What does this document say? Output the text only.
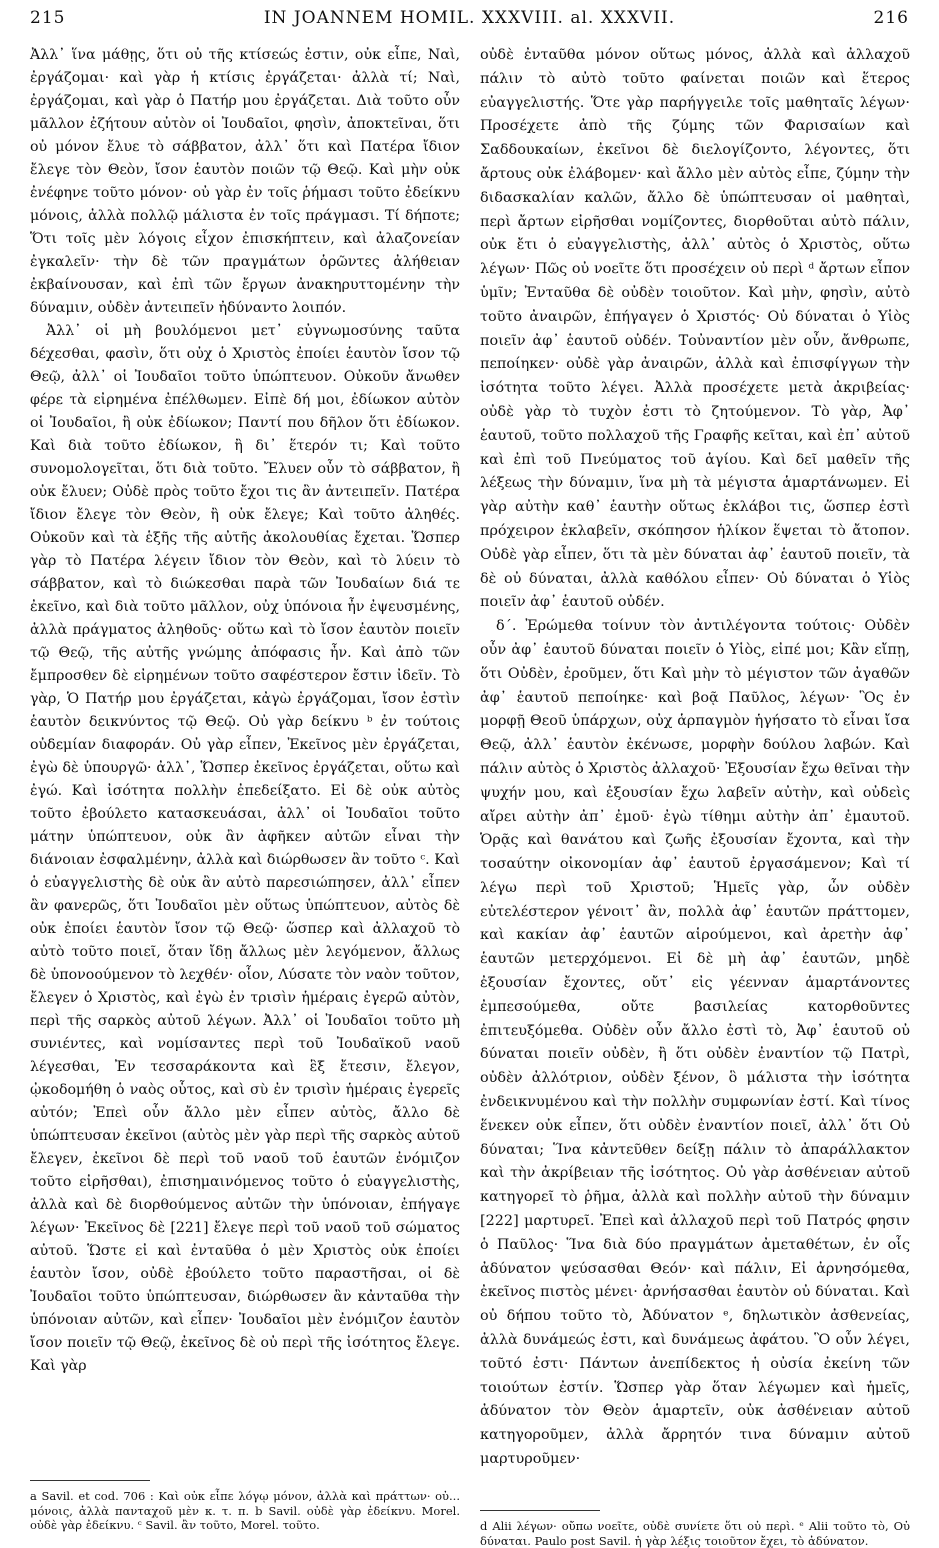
215	IN JOANNEM HOMIL. XXXVIII. al. XXXVII.	216

Ἀλλ᾽ ἵνα μάθῃς, ὅτι οὐ τῆς κτίσεώς ἐστιν, οὐκ εἶπε, Ναὶ, ἐργάζομαι· καὶ γὰρ ἡ κτίσις ἐργάζεται· ἀλλὰ τί; Ναὶ, ἐργάζομαι, καὶ γὰρ ὁ Πατήρ μου ἐργάζεται. Διὰ τοῦτο οὖν μᾶλλον ἐζήτουν αὐτὸν οἱ Ἰουδαῖοι, φησὶν, ἀποκτεῖναι, ὅτι οὐ μόνον ἔλυε τὸ σάββατον, ἀλλ᾽ ὅτι καὶ Πατέρα ἴδιον ἔλεγε τὸν Θεὸν, ἴσον ἑαυτὸν ποιῶν τῷ Θεῷ. Καὶ μὴν οὐκ ἐνέφηνε τοῦτο μόνον· οὐ γὰρ ἐν τοῖς ῥήμασι τοῦτο ἐδείκνυ μόνοις, ἀλλὰ πολλῷ μάλιστα ἐν τοῖς πράγμασι. Τί δήποτε; Ὅτι τοῖς μὲν λόγοις εἶχον ἐπισκήπτειν, καὶ ἀλαζονείαν ἐγκαλεῖν· τὴν δὲ τῶν πραγμάτων ὁρῶντες ἀλήθειαν ἐκβαίνουσαν, καὶ ἐπὶ τῶν ἔργων ἀνακηρυττομένην τὴν δύναμιν, οὐδὲν ἀντειπεῖν ἠδύναντο λοιπόν.

Ἀλλ᾽ οἱ μὴ βουλόμενοι μετ᾽ εὐγνωμοσύνης ταῦτα δέχεσθαι, φασὶν, ὅτι οὐχ ὁ Χριστὸς ἐποίει ἑαυτὸν ἴσον τῷ Θεῷ, ἀλλ᾽ οἱ Ἰουδαῖοι τοῦτο ὑπώπτευον. Οὐκοῦν ἄνωθεν φέρε τὰ εἰρημένα ἐπέλθωμεν. Εἰπὲ δή μοι, ἐδίωκον αὐτὸν οἱ Ἰουδαῖοι, ἢ οὐκ ἐδίωκον; Παντί που δῆλον ὅτι ἐδίωκον. Καὶ διὰ τοῦτο ἐδίωκον, ἢ δι᾽ ἕτερόν τι; Καὶ τοῦτο συνομολογεῖται, ὅτι διὰ τοῦτο. Ἔλυεν οὖν τὸ σάββατον, ἢ οὐκ ἔλυεν; Οὐδὲ πρὸς τοῦτο ἔχοι τις ἂν ἀντειπεῖν. Πατέρα ἴδιον ἔλεγε τὸν Θεὸν, ἢ οὐκ ἔλεγε; Καὶ τοῦτο ἀληθές. Οὐκοῦν καὶ τὰ ἑξῆς τῆς αὐτῆς ἀκολουθίας ἔχεται. Ὥσπερ γὰρ τὸ Πατέρα λέγειν ἴδιον τὸν Θεὸν, καὶ τὸ λύειν τὸ σάββατον, καὶ τὸ διώκεσθαι παρὰ τῶν Ἰουδαίων διά τε ἐκεῖνο, καὶ διὰ τοῦτο μᾶλλον, οὐχ ὑπόνοια ἦν ἐψευσμένης, ἀλλὰ πράγματος ἀληθοῦς· οὕτω καὶ τὸ ἴσον ἑαυτὸν ποιεῖν τῷ Θεῷ, τῆς αὐτῆς γνώμης ἀπόφασις ἦν. Καὶ ἀπὸ τῶν ἔμπροσθεν δὲ εἰρημένων τοῦτο σαφέστερον ἔστιν ἰδεῖν. Τὸ γὰρ, Ὁ Πατήρ μου ἐργάζεται, κἀγὼ ἐργάζομαι, ἴσον ἐστὶν ἑαυτὸν δεικνύντος τῷ Θεῷ. Οὐ γὰρ δείκνυ ᵇ ἐν τούτοις οὐδεμίαν διαφοράν. Οὐ γὰρ εἶπεν, Ἐκεῖνος μὲν ἐργάζεται, ἐγὼ δὲ ὑπουργῶ· ἀλλ᾽, Ὥσπερ ἐκεῖνος ἐργάζεται, οὕτω καὶ ἐγώ. Καὶ ἰσότητα πολλὴν ἐπεδείξατο. Εἰ δὲ οὐκ αὐτὸς τοῦτο ἐβούλετο κατασκευάσαι, ἀλλ᾽ οἱ Ἰουδαῖοι τοῦτο μάτην ὑπώπτευον, οὐκ ἂν ἀφῆκεν αὐτῶν εἶναι τὴν διάνοιαν ἐσφαλμένην, ἀλλὰ καὶ διώρθωσεν ἂν τοῦτο ᶜ. Καὶ ὁ εὐαγγελιστὴς δὲ οὐκ ἂν αὐτὸ παρεσιώπησεν, ἀλλ᾽ εἶπεν ἂν φανερῶς, ὅτι Ἰουδαῖοι μὲν οὕτως ὑπώπτευον, αὐτὸς δὲ οὐκ ἐποίει ἑαυτὸν ἴσον τῷ Θεῷ· ὥσπερ καὶ ἀλλαχοῦ τὸ αὐτὸ τοῦτο ποιεῖ, ὅταν ἴδῃ ἄλλως μὲν λεγόμενον, ἄλλως δὲ ὑπονοούμενον τὸ λεχθέν· οἷον, Λύσατε τὸν ναὸν τοῦτον, ἔλεγεν ὁ Χριστὸς, καὶ ἐγὼ ἐν τρισὶν ἡμέραις ἐγερῶ αὐτὸν, περὶ τῆς σαρκὸς αὐτοῦ λέγων. Ἀλλ᾽ οἱ Ἰουδαῖοι τοῦτο μὴ συνιέντες, καὶ νομίσαντες περὶ τοῦ Ἰουδαϊκοῦ ναοῦ λέγεσθαι, Ἐν τεσσαράκοντα καὶ ἓξ ἔτεσιν, ἔλεγον, ᾠκοδομήθη ὁ ναὸς οὗτος, καὶ σὺ ἐν τρισὶν ἡμέραις ἐγερεῖς αὐτόν; Ἐπεὶ οὖν ἄλλο μὲν εἶπεν αὐτὸς, ἄλλο δὲ ὑπώπτευσαν ἐκεῖνοι (αὐτὸς μὲν γὰρ περὶ τῆς σαρκὸς αὐτοῦ ἔλεγεν, ἐκεῖνοι δὲ περὶ τοῦ ναοῦ τοῦ ἑαυτῶν ἐνόμιζον τοῦτο εἰρῆσθαι), ἐπισημαινόμενος τοῦτο ὁ εὐαγγελιστὴς, ἀλλὰ καὶ δὲ διορθούμενος αὐτῶν τὴν ὑπόνοιαν, ἐπήγαγε λέγων· Ἐκεῖνος δὲ [221] ἔλεγε περὶ τοῦ ναοῦ τοῦ σώματος αὐτοῦ. Ὥστε εἰ καὶ ἐνταῦθα ὁ μὲν Χριστὸς οὐκ ἐποίει ἑαυτὸν ἴσον, οὐδὲ ἐβούλετο τοῦτο παραστῆσαι, οἱ δὲ Ἰουδαῖοι τοῦτο ὑπώπτευσαν, διώρθωσεν ἂν κἀνταῦθα τὴν ὑπόνοιαν αὐτῶν, καὶ εἶπεν· Ἰουδαῖοι μὲν ἐνόμιζον ἑαυτὸν ἴσον ποιεῖν τῷ Θεῷ, ἐκεῖνος δὲ οὐ περὶ τῆς ἰσότητος ἔλεγε. Καὶ γὰρ

a Savil. et cod. 706 : Καὶ οὐκ εἶπε λόγῳ μόνον, ἀλλὰ καὶ πράττων· οὐ... μόνοις, ἀλλὰ πανταχοῦ μὲν κ. τ. π. b Savil. οὐδὲ γὰρ ἐδείκνυ. Morel. οὐδὲ γὰρ ἐδείκνυ. ᶜ Savil. ἂν τοῦτο, Morel. τοῦτο.

οὐδὲ ἐνταῦθα μόνον οὕτως μόνος, ἀλλὰ καὶ ἀλλαχοῦ πάλιν τὸ αὐτὸ τοῦτο φαίνεται ποιῶν καὶ ἕτερος εὐαγγελιστής. Ὅτε γὰρ παρήγγειλε τοῖς μαθηταῖς λέγων· Προσέχετε ἀπὸ τῆς ζύμης τῶν Φαρισαίων καὶ Σαδδουκαίων, ἐκεῖνοι δὲ διελογίζοντο, λέγοντες, ὅτι ἄρτους οὐκ ἐλάβομεν· καὶ ἄλλο μὲν αὐτὸς εἶπε, ζύμην τὴν διδασκαλίαν καλῶν, ἄλλο δὲ ὑπώπτευσαν οἱ μαθηταὶ, περὶ ἄρτων εἰρῆσθαι νομίζοντες, διορθοῦται αὐτὸ πάλιν, οὐκ ἔτι ὁ εὐαγγελιστὴς, ἀλλ᾽ αὐτὸς ὁ Χριστὸς, οὕτω λέγων· Πῶς οὐ νοεῖτε ὅτι προσέχειν οὐ περὶ ᵈ ἄρτων εἶπον ὑμῖν; Ἐνταῦθα δὲ οὐδὲν τοιοῦτον. Καὶ μὴν, φησὶν, αὐτὸ τοῦτο ἀναιρῶν, ἐπήγαγεν ὁ Χριστός· Οὐ δύναται ὁ Υἱὸς ποιεῖν ἀφ᾽ ἑαυτοῦ οὐδέν. Τοὐναντίον μὲν οὖν, ἄνθρωπε, πεποίηκεν· οὐδὲ γὰρ ἀναιρῶν, ἀλλὰ καὶ ἐπισφίγγων τὴν ἰσότητα τοῦτο λέγει. Ἀλλὰ προσέχετε μετὰ ἀκριβείας· οὐδὲ γὰρ τὸ τυχὸν ἐστι τὸ ζητούμενον. Τὸ γὰρ, Ἀφ᾽ ἑαυτοῦ, τοῦτο πολλαχοῦ τῆς Γραφῆς κεῖται, καὶ ἐπ᾽ αὐτοῦ καὶ ἐπὶ τοῦ Πνεύματος τοῦ ἁγίου. Καὶ δεῖ μαθεῖν τῆς λέξεως τὴν δύναμιν, ἵνα μὴ τὰ μέγιστα ἁμαρτάνωμεν. Εἰ γὰρ αὐτὴν καθ᾽ ἑαυτὴν οὕτως ἐκλάβοι τις, ὥσπερ ἐστὶ πρόχειρον ἐκλαβεῖν, σκόπησον ἡλίκον ἕψεται τὸ ἄτοπον. Οὐδὲ γὰρ εἶπεν, ὅτι τὰ μὲν δύναται ἀφ᾽ ἑαυτοῦ ποιεῖν, τὰ δὲ οὐ δύναται, ἀλλὰ καθόλου εἶπεν· Οὐ δύναται ὁ Υἱὸς ποιεῖν ἀφ᾽ ἑαυτοῦ οὐδέν.

δ´. Ἐρώμεθα τοίνυν τὸν ἀντιλέγοντα τούτοις· Οὐδὲν οὖν ἀφ᾽ ἑαυτοῦ δύναται ποιεῖν ὁ Υἱὸς, εἰπέ μοι; Κἂν εἴπῃ, ὅτι Οὐδὲν, ἐροῦμεν, ὅτι Καὶ μὴν τὸ μέγιστον τῶν ἀγαθῶν ἀφ᾽ ἑαυτοῦ πεποίηκε· καὶ βοᾷ Παῦλος, λέγων· Ὃς ἐν μορφῇ Θεοῦ ὑπάρχων, οὐχ ἁρπαγμὸν ἡγήσατο τὸ εἶναι ἴσα Θεῷ, ἀλλ᾽ ἑαυτὸν ἐκένωσε, μορφὴν δούλου λαβών. Καὶ πάλιν αὐτὸς ὁ Χριστὸς ἀλλαχοῦ· Ἐξουσίαν ἔχω θεῖναι τὴν ψυχήν μου, καὶ ἐξουσίαν ἔχω λαβεῖν αὐτὴν, καὶ οὐδεὶς αἴρει αὐτὴν ἀπ᾽ ἐμοῦ· ἐγὼ τίθημι αὐτὴν ἀπ᾽ ἐμαυτοῦ. Ὁρᾷς καὶ θανάτου καὶ ζωῆς ἐξουσίαν ἔχοντα, καὶ τὴν τοσαύτην οἰκονομίαν ἀφ᾽ ἑαυτοῦ ἐργασάμενον; Καὶ τί λέγω περὶ τοῦ Χριστοῦ; Ἡμεῖς γὰρ, ὧν οὐδὲν εὐτελέστερον γένοιτ᾽ ἂν, πολλὰ ἀφ᾽ ἑαυτῶν πράττομεν, καὶ κακίαν ἀφ᾽ ἑαυτῶν αἱρούμενοι, καὶ ἀρετὴν ἀφ᾽ ἑαυτῶν μετερχόμενοι. Εἰ δὲ μὴ ἀφ᾽ ἑαυτῶν, μηδὲ ἐξουσίαν ἔχοντες, οὔτ᾽ εἰς γέενναν ἁμαρτάνοντες ἐμπεσούμεθα, οὔτε βασιλείας κατορθοῦντες ἐπιτευξόμεθα. Οὐδὲν οὖν ἄλλο ἐστὶ τὸ, Ἀφ᾽ ἑαυτοῦ οὐ δύναται ποιεῖν οὐδὲν, ἢ ὅτι οὐδὲν ἐναντίον τῷ Πατρὶ, οὐδὲν ἀλλότριον, οὐδὲν ξένον, ὃ μάλιστα τὴν ἰσότητα ἐνδεικνυμένου καὶ τὴν πολλὴν συμφωνίαν ἐστί. Καὶ τίνος ἕνεκεν οὐκ εἶπεν, ὅτι οὐδὲν ἐναντίον ποιεῖ, ἀλλ᾽ ὅτι Οὐ δύναται; Ἵνα κἀντεῦθεν δείξῃ πάλιν τὸ ἀπαράλλακτον καὶ τὴν ἀκρίβειαν τῆς ἰσότητος. Οὐ γὰρ ἀσθένειαν αὐτοῦ κατηγορεῖ τὸ ῥῆμα, ἀλλὰ καὶ πολλὴν αὐτοῦ τὴν δύναμιν [222] μαρτυρεῖ. Ἐπεὶ καὶ ἀλλαχοῦ περὶ τοῦ Πατρός φησιν ὁ Παῦλος· Ἵνα διὰ δύο πραγμάτων ἀμεταθέτων, ἐν οἷς ἀδύνατον ψεύσασθαι Θεόν· καὶ πάλιν, Εἰ ἀρνησόμεθα, ἐκεῖνος πιστὸς μένει· ἀρνήσασθαι ἑαυτὸν οὐ δύναται. Καὶ οὐ δήπου τοῦτο τὸ, Ἀδύνατον ᵉ, δηλωτικὸν ἀσθενείας, ἀλλὰ δυνάμεώς ἐστι, καὶ δυνάμεως ἀφάτου. Ὃ οὖν λέγει, τοῦτό ἐστι· Πάντων ἀνεπίδεκτος ἡ οὐσία ἐκείνη τῶν τοιούτων ἐστίν. Ὥσπερ γὰρ ὅταν λέγωμεν καὶ ἡμεῖς, ἀδύνατον τὸν Θεὸν ἁμαρτεῖν, οὐκ ἀσθένειαν αὐτοῦ κατηγοροῦμεν, ἀλλὰ ἄρρητόν τινα δύναμιν αὐτοῦ μαρτυροῦμεν·

d Alii λέγων· οὔπω νοεῖτε, οὐδὲ συνίετε ὅτι οὐ περὶ. ᵉ Alii τοῦτο τὸ, Οὐ δύναται. Paulo post Savil. ἡ γὰρ λέξις τοιοῦτον ἔχει, τὸ ἀδύνατον.
